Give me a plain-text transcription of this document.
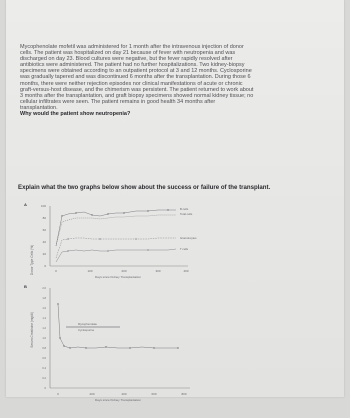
Mycophenolate mofetil was administered for 1 month after the intravenous injection of donor
cells. The patient was hospitalized on day 21 because of fever with neutropenia and was
discharged on day 23. Blood cultures were negative, but the fever rapidly resolved after
antibiotics were administered. The patient had no further hospitalizations. Two kidney-biopsy
specimens were obtained according to an outpatient protocol at 3 and 12 months. Cyclosporine
was gradually tapered and was discontinued 6 months after the transplantation. During those 6
months, there were neither rejection episodes nor clinical manifestations of acute or chronic
graft-versus-host disease, and the chimerism was persistent. The patient returned to work about
3 months after the transplantation, and graft biopsy specimens showed normal kidney tissue; no
cellular infiltrates were seen. The patient remains in good health 34 months after
transplantation.
Why would the patient show neutropenia?
Explain what the two graphs below show about the success or failure of the transplant.
A
Donor Type Cells (%)
100
80
60
40
20
0
0	100	200	300	400
Days since Kidney Transplantation
B cells
Total cells
Granulocytes
T cells
B
Serum Creatinine (mg/dl)
2.0
1.8
1.6
1.4
1.2
1.0
0.8
0.6
0.4
0.2
0
0	200	400	600	800
Days since Kidney Transplantation
Mycophenolate
Cyclosporine
